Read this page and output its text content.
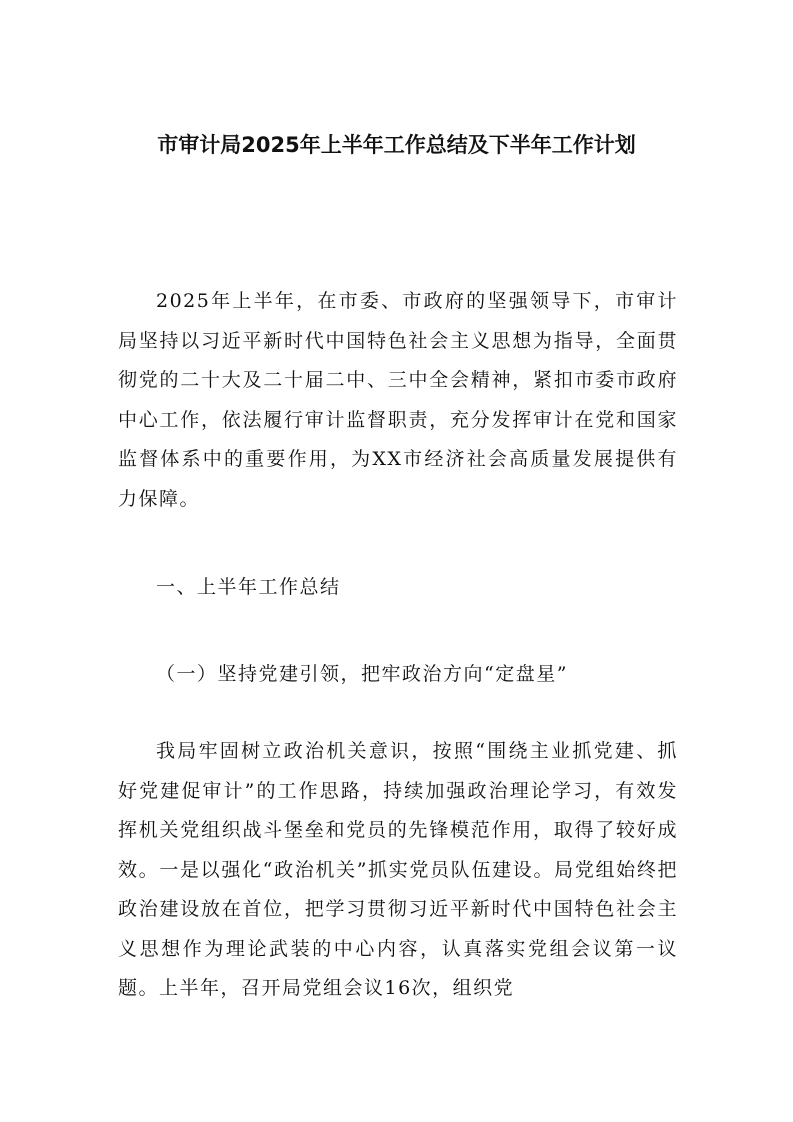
市审计局2025年上半年工作总结及下半年工作计划

2025年上半年，在市委、市政府的坚强领导下，市审计局坚持以习近平新时代中国特色社会主义思想为指导，全面贯彻党的二十大及二十届二中、三中全会精神，紧扣市委市政府中心工作，依法履行审计监督职责，充分发挥审计在党和国家监督体系中的重要作用，为XX市经济社会高质量发展提供有力保障。

一、上半年工作总结

（一）坚持党建引领，把牢政治方向“定盘星”

我局牢固树立政治机关意识，按照“围绕主业抓党建、抓好党建促审计”的工作思路，持续加强政治理论学习，有效发挥机关党组织战斗堡垒和党员的先锋模范作用，取得了较好成效。一是以强化“政治机关”抓实党员队伍建设。局党组始终把政治建设放在首位，把学习贯彻习近平新时代中国特色社会主义思想作为理论武装的中心内容，认真落实党组会议第一议题。上半年，召开局党组会议16次，组织党
